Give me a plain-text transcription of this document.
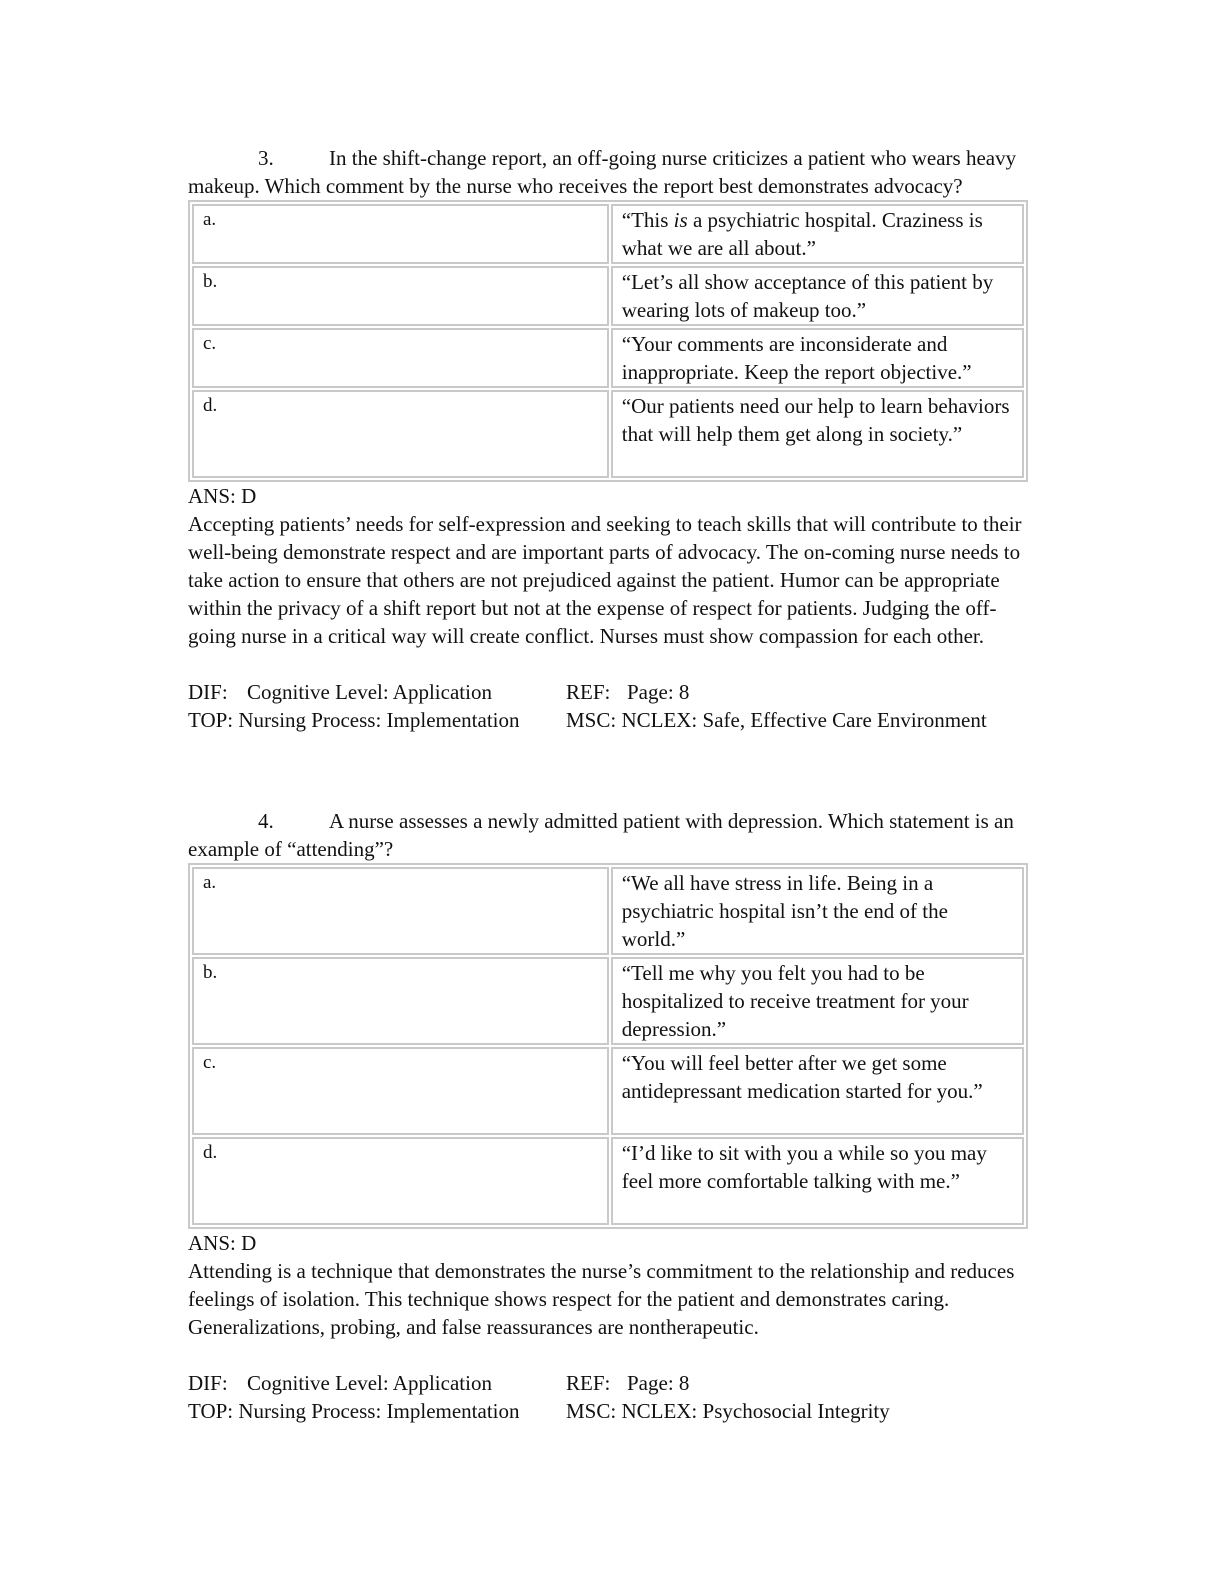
3.	In the shift-change report, an off-going nurse criticizes a patient who wears heavy makeup. Which comment by the nurse who receives the report best demonstrates advocacy?

a.	“This is a psychiatric hospital. Craziness is what we are all about.”
b.	“Let’s all show acceptance of this patient by wearing lots of makeup too.”
c.	“Your comments are inconsiderate and inappropriate. Keep the report objective.”
d.	“Our patients need our help to learn behaviors that will help them get along in society.”

ANS: D

Accepting patients’ needs for self-expression and seeking to teach skills that will contribute to their well-being demonstrate respect and are important parts of advocacy. The on-coming nurse needs to take action to ensure that others are not prejudiced against the patient. Humor can be appropriate within the privacy of a shift report but not at the expense of respect for patients. Judging the off-going nurse in a critical way will create conflict. Nurses must show compassion for each other.

DIF: Cognitive Level: Application	REF: Page: 8
TOP: Nursing Process: Implementation	MSC: NCLEX: Safe, Effective Care Environment

4.	A nurse assesses a newly admitted patient with depression. Which statement is an example of “attending”?

a.	“We all have stress in life. Being in a psychiatric hospital isn’t the end of the world.”
b.	“Tell me why you felt you had to be hospitalized to receive treatment for your depression.”
c.	“You will feel better after we get some antidepressant medication started for you.”
d.	“I’d like to sit with you a while so you may feel more comfortable talking with me.”

ANS: D

Attending is a technique that demonstrates the nurse’s commitment to the relationship and reduces feelings of isolation. This technique shows respect for the patient and demonstrates caring. Generalizations, probing, and false reassurances are nontherapeutic.

DIF: Cognitive Level: Application	REF: Page: 8
TOP: Nursing Process: Implementation	MSC: NCLEX: Psychosocial Integrity
